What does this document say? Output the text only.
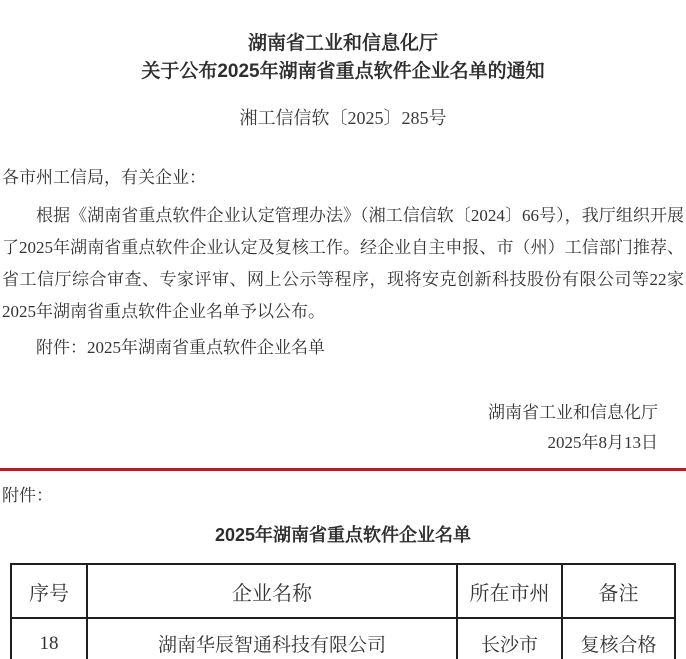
湖南省工业和信息化厅
关于公布2025年湖南省重点软件企业名单的通知
湘工信信软〔2025〕285号
各市州工信局，有关企业：
根据《湖南省重点软件企业认定管理办法》（湘工信信软〔2024〕66号），我厅组织开展了2025年湖南省重点软件企业认定及复核工作。经企业自主申报、市（州）工信部门推荐、省工信厅综合审查、专家评审、网上公示等程序，现将安克创新科技股份有限公司等22家2025年湖南省重点软件企业名单予以公布。
附件：2025年湖南省重点软件企业名单
湖南省工业和信息化厅
2025年8月13日
附件：
2025年湖南省重点软件企业名单
序号	企业名称	所在市州	备注
18	湖南华辰智通科技有限公司	长沙市	复核合格
